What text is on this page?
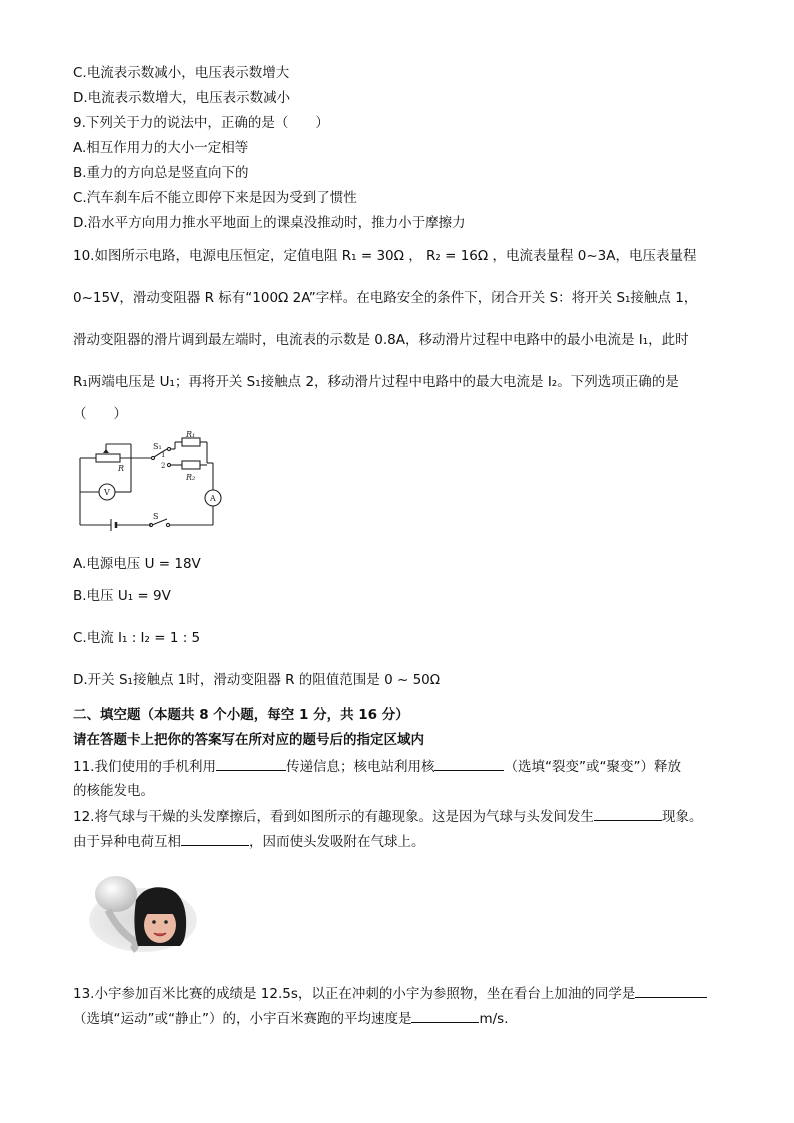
C.电流表示数减小，电压表示数增大
D.电流表示数增大，电压表示数减小
9.下列关于力的说法中，正确的是（　　）
A.相互作用力的大小一定相等
B.重力的方向总是竖直向下的
C.汽车刹车后不能立即停下来是因为受到了惯性
D.沿水平方向用力推水平地面上的课桌没推动时，推力小于摩擦力
10.如图所示电路，电源电压恒定，定值电阻 R₁ = 30Ω ， R₂ = 16Ω ，电流表量程 0~3A，电压表量程
0~15V，滑动变阻器 R 标有“100Ω 2A”字样。在电路安全的条件下，闭合开关 S：将开关 S₁接触点 1，
滑动变阻器的滑片调到最左端时，电流表的示数是 0.8A，移动滑片过程中电路中的最小电流是 I₁，此时
R₁两端电压是 U₁；再将开关 S₁接触点 2，移动滑片过程中电路中的最大电流是 I₂。下列选项正确的是
（　　）
S₁
1
2
R₁
R₂
R
V
A
S
A.电源电压 U = 18V
B.电压 U₁ = 9V
C.电流 I₁ : I₂ = 1 : 5
D.开关 S₁接触点 1时，滑动变阻器 R 的阻值范围是 0 ~ 50Ω
二、填空题（本题共 8 个小题，每空 1 分，共 16 分）
请在答题卡上把你的答案写在所对应的题号后的指定区域内
11.我们使用的手机利用	传递信息；核电站利用核	（选填“裂变”或“聚变”）释放
的核能发电。
12.将气球与干燥的头发摩擦后，看到如图所示的有趣现象。这是因为气球与头发间发生	现象。
由于异种电荷互相	，因而使头发吸附在气球上。
13.小宇参加百米比赛的成绩是 12.5s，以正在冲刺的小宇为参照物，坐在看台上加油的同学是
（选填“运动”或“静止”）的，小宇百米赛跑的平均速度是	m/s.
